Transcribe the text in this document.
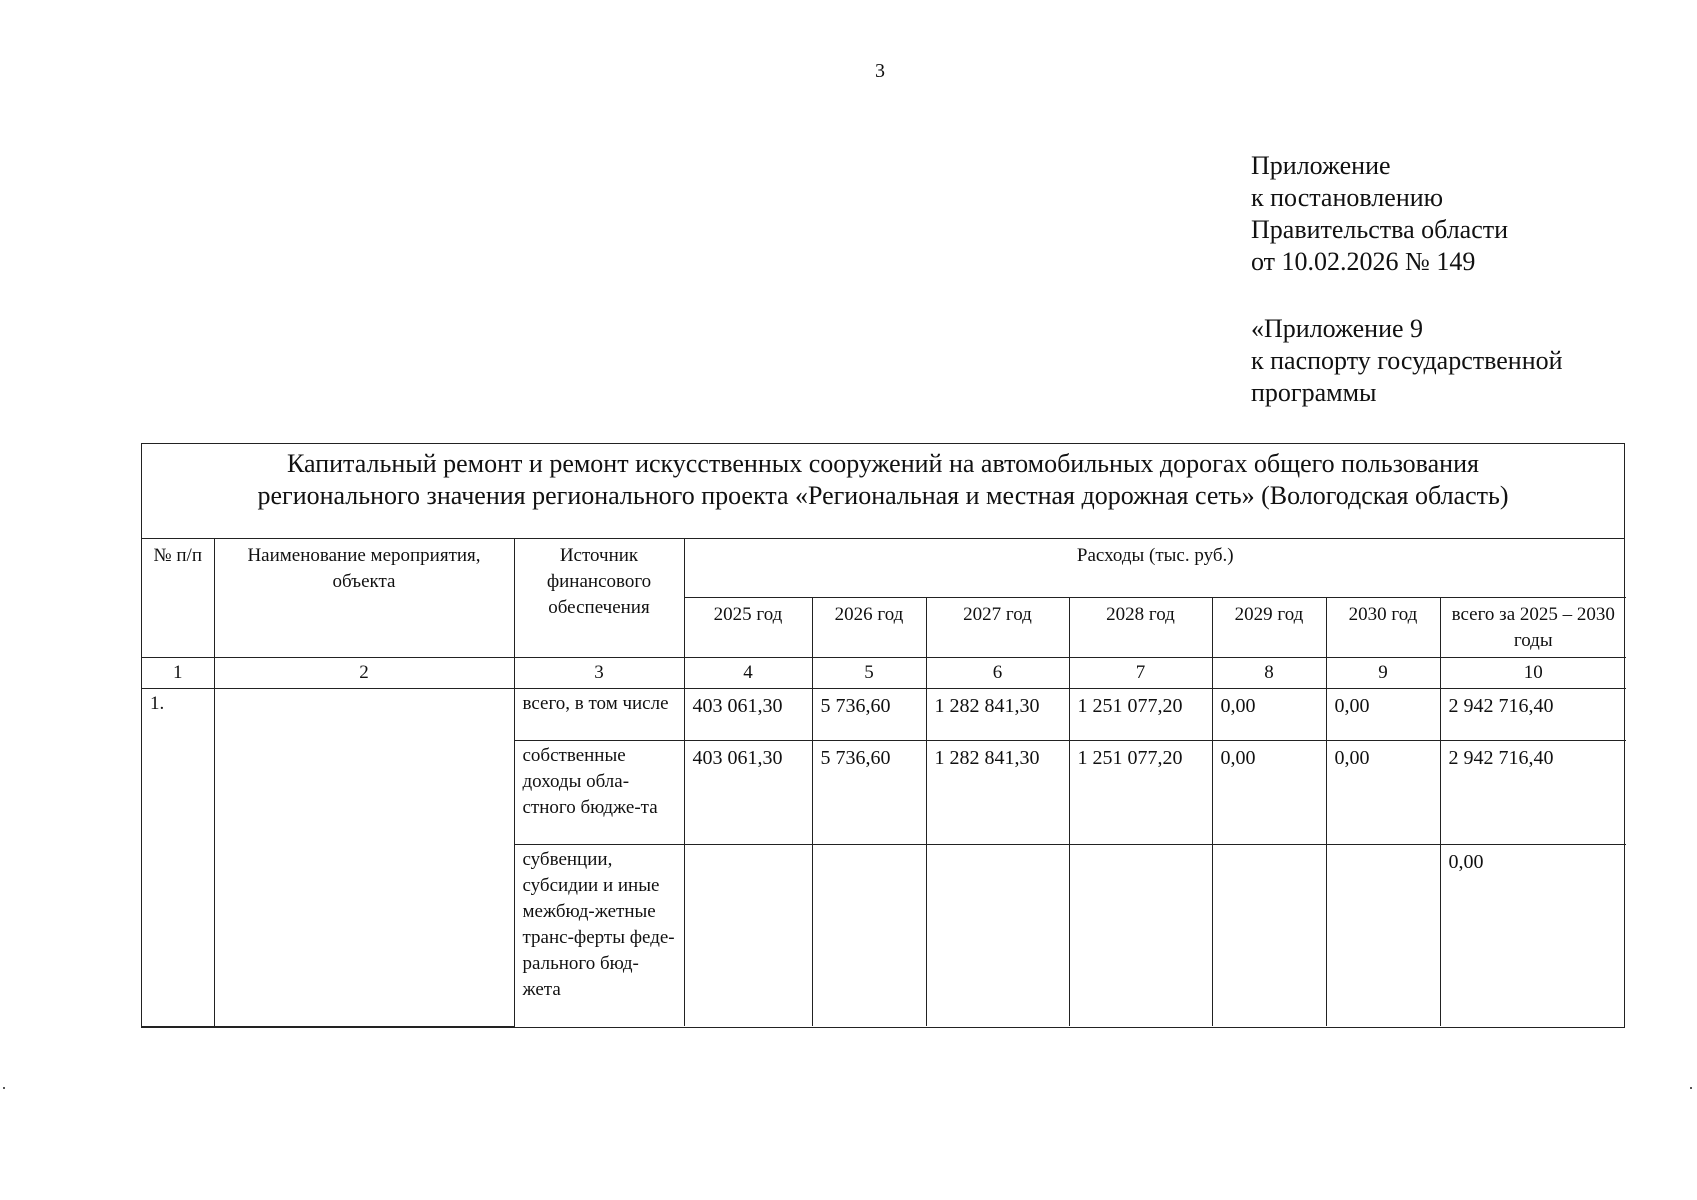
3
Приложение
к постановлению
Правительства области
от 10.02.2026 № 149
«Приложение 9
к паспорту государственной
программы
Капитальный ремонт и ремонт искусственных сооружений на автомобильных дорогах общего пользования
регионального значения регионального проекта «Региональная и местная дорожная сеть» (Вологодская область)
№ п/п	Наименование мероприятия, объекта	Источник финансового обеспечения	Расходы (тыс. руб.)						
			2025 год	2026 год	2027 год	2028 год	2029 год	2030 год	всего за 2025 – 2030 годы
1	2	3	4	5	6	7	8	9	10
1.		всего, в том числе	403 061,30	5 736,60	1 282 841,30	1 251 077,20	0,00	0,00	2 942 716,40
		собственные доходы обла-стного бюдже-та	403 061,30	5 736,60	1 282 841,30	1 251 077,20	0,00	0,00	2 942 716,40
		субвенции, субсидии и иные межбюд-жетные транс-ферты феде-рального бюд-жета							0,00
